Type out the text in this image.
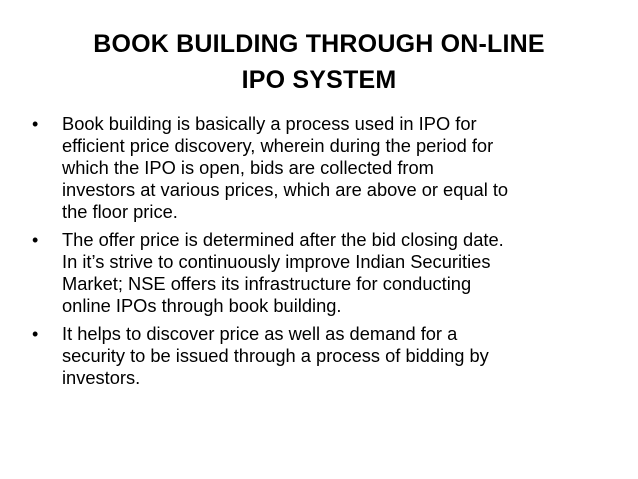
BOOK BUILDING THROUGH ON-LINE
IPO SYSTEM
•	Book building is basically a process used in IPO for
efficient price discovery, wherein during the period for
which the IPO is open, bids are collected from
investors at various prices, which are above or equal to
the floor price.
•	The offer price is determined after the bid closing date.
In it’s strive to continuously improve Indian Securities
Market; NSE offers its infrastructure for conducting
online IPOs through book building.
•	It helps to discover price as well as demand for a
security to be issued through a process of bidding by
investors.
